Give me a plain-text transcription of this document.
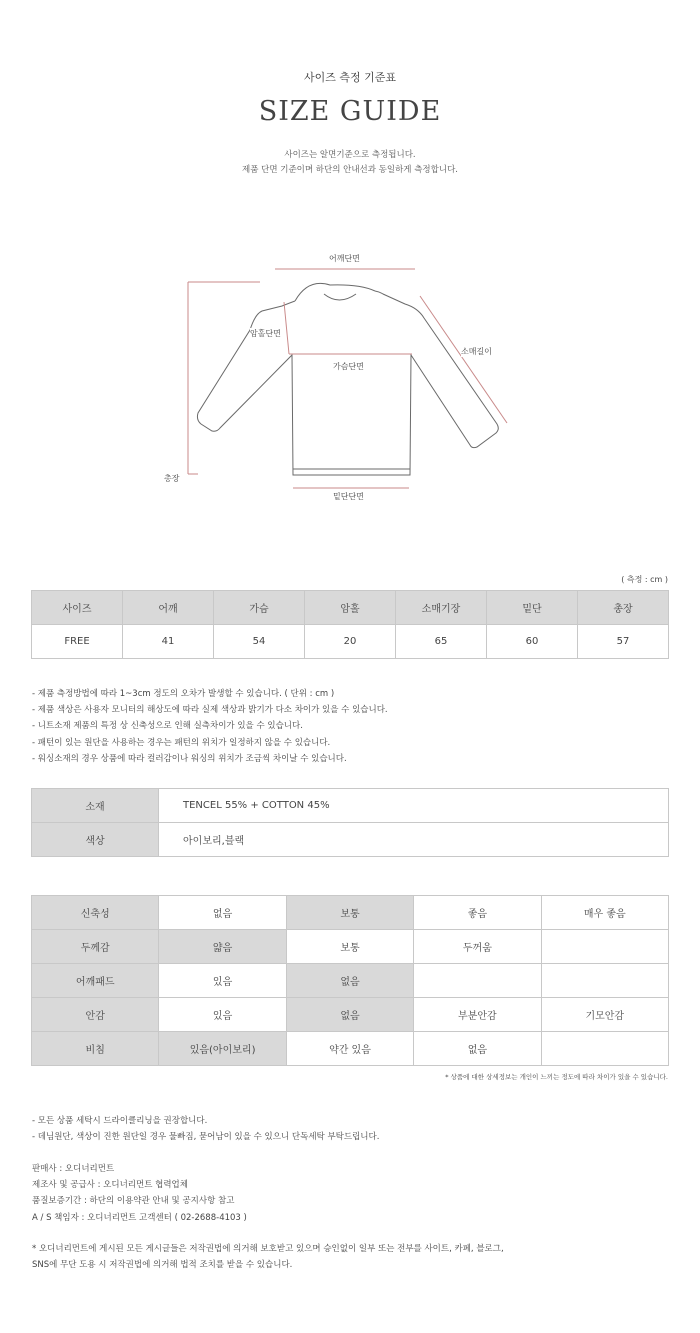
사이즈 측정 기준표
SIZE GUIDE
사이즈는 알면기준으로 측정됩니다.
제품 단면 기준이며 하단의 안내선과 동일하게 측정합니다.
어깨단면
암홀단면
소매길이
가슴단면
총장
밑단단면
( 측정 : cm )
사이즈	어깨	가슴	암홀	소매기장	밑단	총장
FREE	41	54	20	65	60	57
- 제품 측정방법에 따라 1~3cm 정도의 오차가 발생할 수 있습니다. ( 단위 : cm )
- 제품 색상은 사용자 모니터의 해상도에 따라 실제 색상과 밝기가 다소 차이가 있을 수 있습니다.
- 니트소재 제품의 특정 상 신축성으로 인해 실측차이가 있을 수 있습니다.
- 패턴이 있는 원단을 사용하는 경우는 패턴의 위치가 일정하지 않을 수 있습니다.
- 워싱소재의 경우 상품에 따라 컬러감이나 워싱의 위치가 조금씩 차이날 수 있습니다.
소재	TENCEL 55% + COTTON 45%
색상	아이보리,블랙
신축성	없음	보통	좋음	매우 좋음
두께감	얇음	보통	두꺼움	
어깨패드	있음	없음		
안감	있음	없음	부분안감	기모안감
비침	있음(아이보리)	약간 있음	없음	
* 상품에 대한 상세정보는 개인이 느끼는 정도에 따라 차이가 있을 수 있습니다.
- 모든 상품 세탁시 드라이클리닝을 권장합니다.
- 데님원단, 색상이 진한 원단일 경우 물빠짐, 묻어남이 있을 수 있으니 단독세탁 부탁드립니다.
판매사 : 오디너리먼트
제조사 및 공급사 : 오디너리먼트 협력업체
품질보증기간 : 하단의 이용약관 안내 및 공지사항 참고
A / S 책임자 : 오디너리먼트 고객센터 ( 02-2688-4103 )
* 오디너리먼트에 게시된 모든 게시글들은 저작권법에 의거해 보호받고 있으며 승인없이 일부 또는 전부를 사이트, 카페, 블로그,
SNS에 무단 도용 시 저작권법에 의거해 법적 조치를 받을 수 있습니다.
